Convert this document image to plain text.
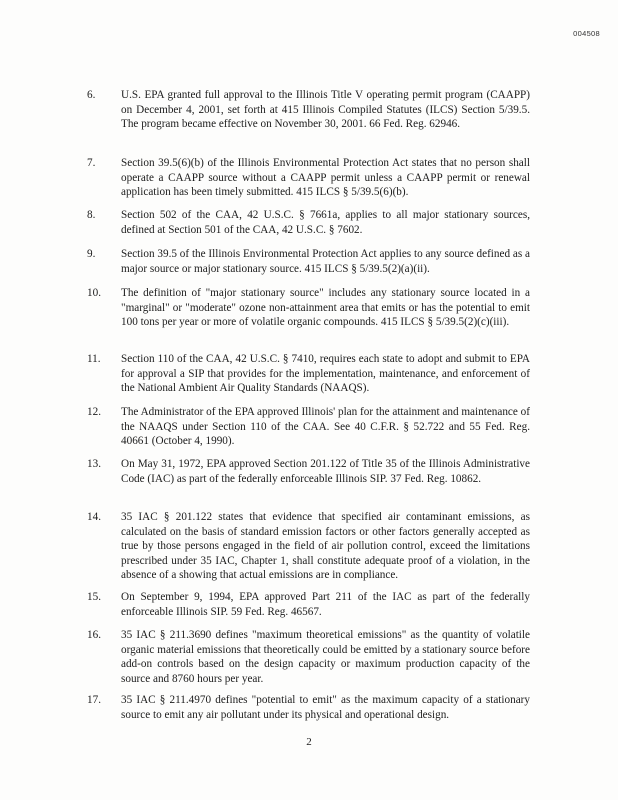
004508
6.	U.S. EPA granted full approval to the Illinois Title V operating permit program (CAAPP) on December 4, 2001, set forth at 415 Illinois Compiled Statutes (ILCS) Section 5/39.5. The program became effective on November 30, 2001. 66 Fed. Reg. 62946.
7.	Section 39.5(6)(b) of the Illinois Environmental Protection Act states that no person shall operate a CAAPP source without a CAAPP permit unless a CAAPP permit or renewal application has been timely submitted. 415 ILCS § 5/39.5(6)(b).
8.	Section 502 of the CAA, 42 U.S.C. § 7661a, applies to all major stationary sources, defined at Section 501 of the CAA, 42 U.S.C. § 7602.
9.	Section 39.5 of the Illinois Environmental Protection Act applies to any source defined as a major source or major stationary source. 415 ILCS § 5/39.5(2)(a)(ii).
10.	The definition of "major stationary source" includes any stationary source located in a "marginal" or "moderate" ozone non-attainment area that emits or has the potential to emit 100 tons per year or more of volatile organic compounds. 415 ILCS § 5/39.5(2)(c)(iii).
11.	Section 110 of the CAA, 42 U.S.C. § 7410, requires each state to adopt and submit to EPA for approval a SIP that provides for the implementation, maintenance, and enforcement of the National Ambient Air Quality Standards (NAAQS).
12.	The Administrator of the EPA approved Illinois' plan for the attainment and maintenance of the NAAQS under Section 110 of the CAA. See 40 C.F.R. § 52.722 and 55 Fed. Reg. 40661 (October 4, 1990).
13.	On May 31, 1972, EPA approved Section 201.122 of Title 35 of the Illinois Administrative Code (IAC) as part of the federally enforceable Illinois SIP. 37 Fed. Reg. 10862.
14.	35 IAC § 201.122 states that evidence that specified air contaminant emissions, as calculated on the basis of standard emission factors or other factors generally accepted as true by those persons engaged in the field of air pollution control, exceed the limitations prescribed under 35 IAC, Chapter 1, shall constitute adequate proof of a violation, in the absence of a showing that actual emissions are in compliance.
15.	On September 9, 1994, EPA approved Part 211 of the IAC as part of the federally enforceable Illinois SIP. 59 Fed. Reg. 46567.
16.	35 IAC § 211.3690 defines "maximum theoretical emissions" as the quantity of volatile organic material emissions that theoretically could be emitted by a stationary source before add-on controls based on the design capacity or maximum production capacity of the source and 8760 hours per year.
17.	35 IAC § 211.4970 defines "potential to emit" as the maximum capacity of a stationary source to emit any air pollutant under its physical and operational design.
2
